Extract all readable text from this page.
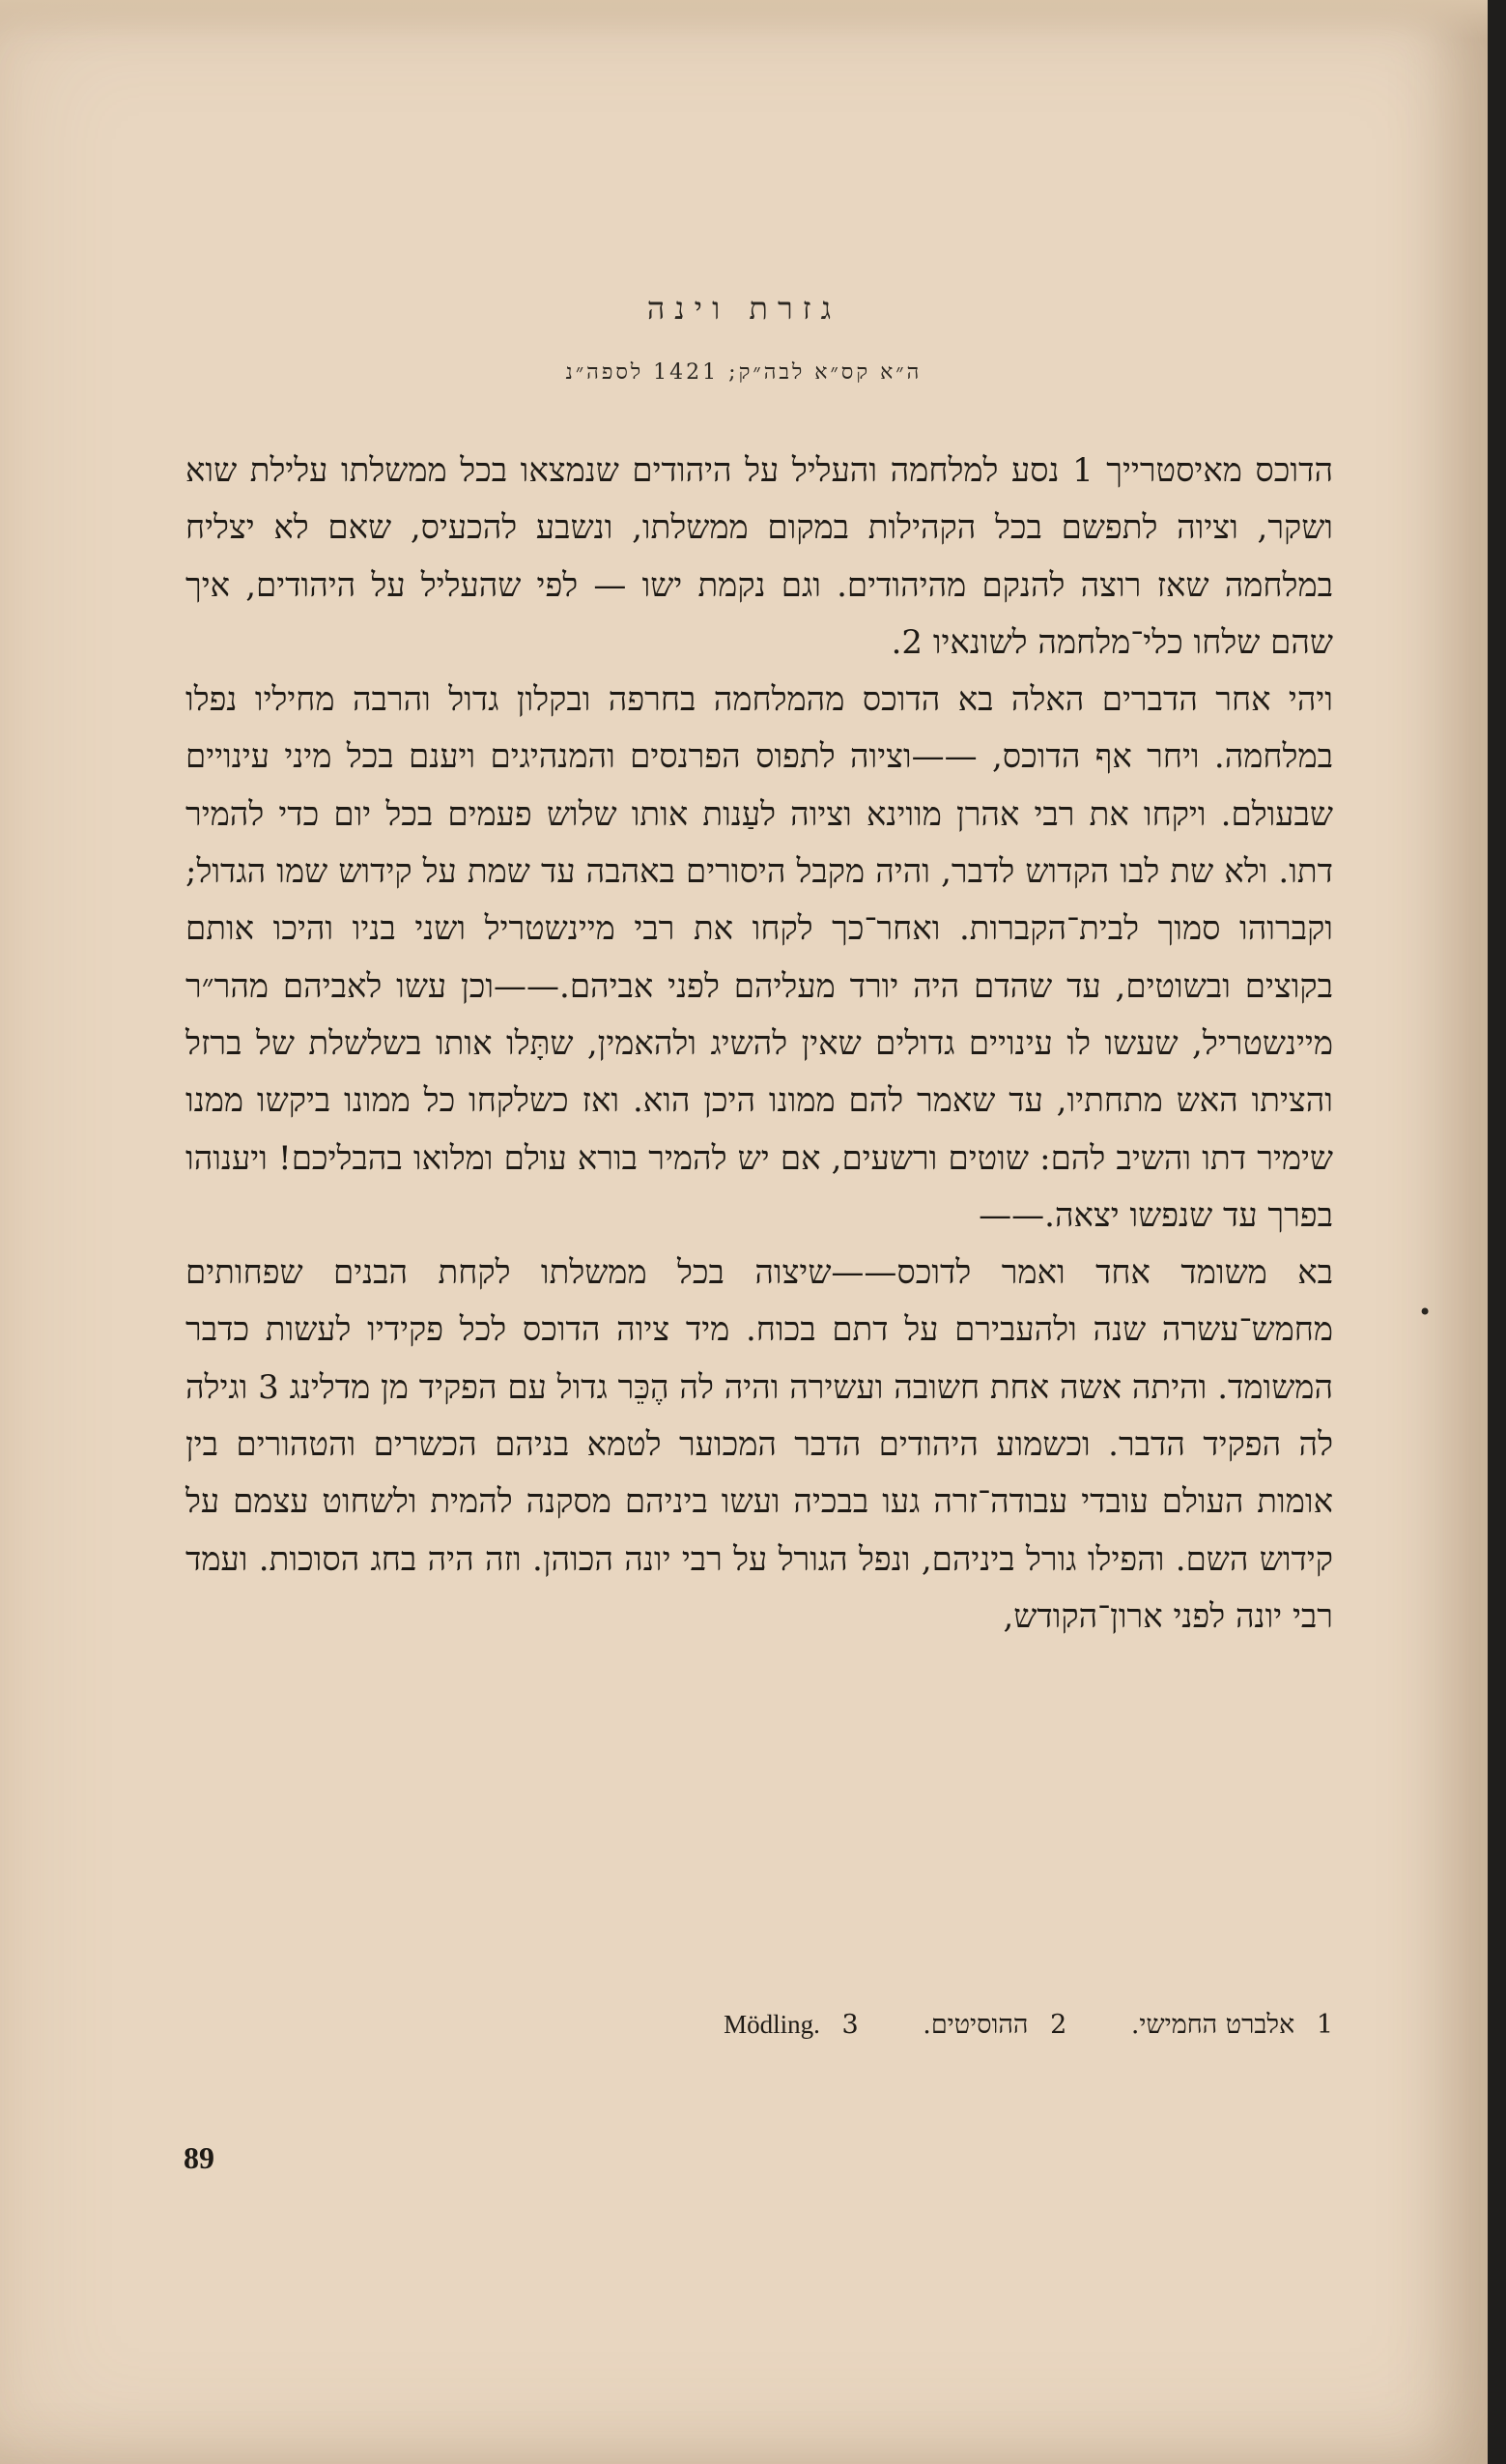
גזרת וינה
ה״א קס״א לבה״ק; 1421 לספה״נ

הדוכס מאיסטרייך 1 נסע למלחמה והעליל על היהודים שנמצאו בכל ממשלתו עלילת שוא ושקר, וציוה לתפשם בכל הקהילות במקום ממשלתו, ונשבע להכעיס, שאם לא יצליח במלחמה שאז רוצה להנקם מהיהודים. וגם נקמת ישו — לפי שהעליל על היהודים, איך שהם שלחו כלי־מלחמה לשונאיו 2.

ויהי אחר הדברים האלה בא הדוכס מהמלחמה בחרפה ובקלון גדול והרבה מחיליו נפלו במלחמה. ויחר אף הדוכס, ——וציוה לתפוס הפרנסים והמנהיגים ויענם בכל מיני עינויים שבעולם. ויקחו את רבי אהרן מווינא וציוה לעַנות אותו שלוש פעמים בכל יום כדי להמיר דתו. ולא שת לבו הקדוש לדבר, והיה מקבל היסורים באהבה עד שמת על קידוש שמו הגדול; וקברוהו סמוך לבית־הקברות. ואחר־כך לקחו את רבי מיינשטריל ושני בניו והיכו אותם בקוצים ובשוטים, עד שהדם היה יורד מעליהם לפני אביהם.——וכן עשו לאביהם מהר״ר מיינשטריל, שעשו לו עינויים גדולים שאין להשיג ולהאמין, שתָּלו אותו בשלשלת של ברזל והציתו האש מתחתיו, עד שאמר להם ממונו היכן הוא. ואז כשלקחו כל ממונו ביקשו ממנו שימיר דתו והשיב להם: שוטים ורשעים, אם יש להמיר בורא עולם ומלואו בהבליכם! ויענוהו בפרך עד שנפשו יצאה.——

בא משומד אחד ואמר לדוכס——שיצוה בכל ממשלתו לקחת הבנים שפחותים מחמש־עשרה שנה ולהעבירם על דתם בכוח. מיד ציוה הדוכס לכל פקידיו לעשות כדבר המשומד. והיתה אשה אחת חשובה ועשירה והיה לה הֶכֵּר גדול עם הפקיד מן מדלינג 3 וגילה לה הפקיד הדבר. וכשמוע היהודים הדבר המכוער לטמא בניהם הכשרים והטהורים בין אומות העולם עובדי עבודה־זרה געו בבכיה ועשו ביניהם מסקנה להמית ולשחוט עצמם על קידוש השם. והפילו גורל ביניהם, ונפל הגורל על רבי יונה הכוהן. וזה היה בחג הסוכות. ועמד רבי יונה לפני ארון־הקודש,

•
1 אלברט החמישי. 2 ההוסיטים. 3 .Mödling
89
